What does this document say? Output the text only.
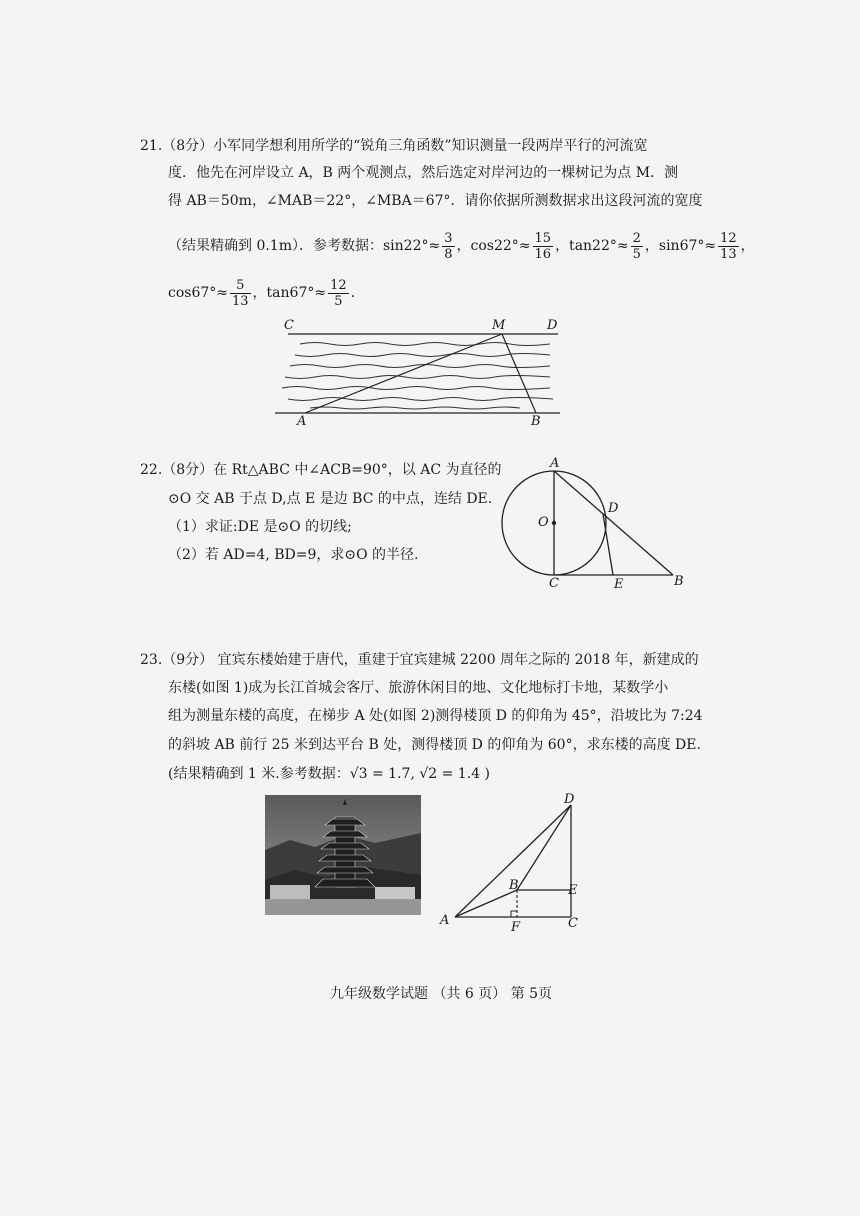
21.（8分）小军同学想利用所学的“锐角三角函数”知识测量一段两岸平行的河流宽
度．他先在河岸设立 A，B 两个观测点，然后选定对岸河边的一棵树记为点 M．测
得 AB＝50m，∠MAB＝22°，∠MBA＝67°．请你依据所测数据求出这段河流的宽度
（结果精确到 0.1m）．参考数据：$\sin 22^\circ\approx \frac{3}{8}$ ，$\cos 22^\circ\approx \frac{15}{16}$ ，$\tan 22^\circ\approx \frac{2}{5}$ ，$\sin 67^\circ\approx \frac{12}{13}$ ，
$\cos 67^\circ\approx \frac{5}{13}$ ，$\tan 67^\circ\approx \frac{12}{5}$ ．
C	M	D
A	B
22.（8分）在 Rt△ABC 中∠ACB=90°，以 AC 为直径的
⊙O 交 AB 于点 D,点 E 是边 BC 的中点，连结 DE.
（1）求证:DE 是⊙O 的切线;
（2）若 AD=4, BD=9，求⊙O 的半径.
A
D
O
C	E	B
23.（9分） 宜宾东楼始建于唐代，重建于宜宾建城 2200 周年之际的 2018 年，新建成的
东楼(如图 1)成为长江首城会客厅、旅游休闲目的地、文化地标打卡地，某数学小
组为测量东楼的高度，在梯步 A 处(如图 2)测得楼顶 D 的仰角为 45°，沿坡比为 7:24
的斜坡 AB 前行 25 米到达平台 B 处，测得楼顶 D 的仰角为 60°，求东楼的高度 DE.
(结果精确到 1 米.参考数据：√3 = 1.7, √2 = 1.4 )
D
B	E
A	F	C
九年级数学试题 （共 6 页） 第 5页
